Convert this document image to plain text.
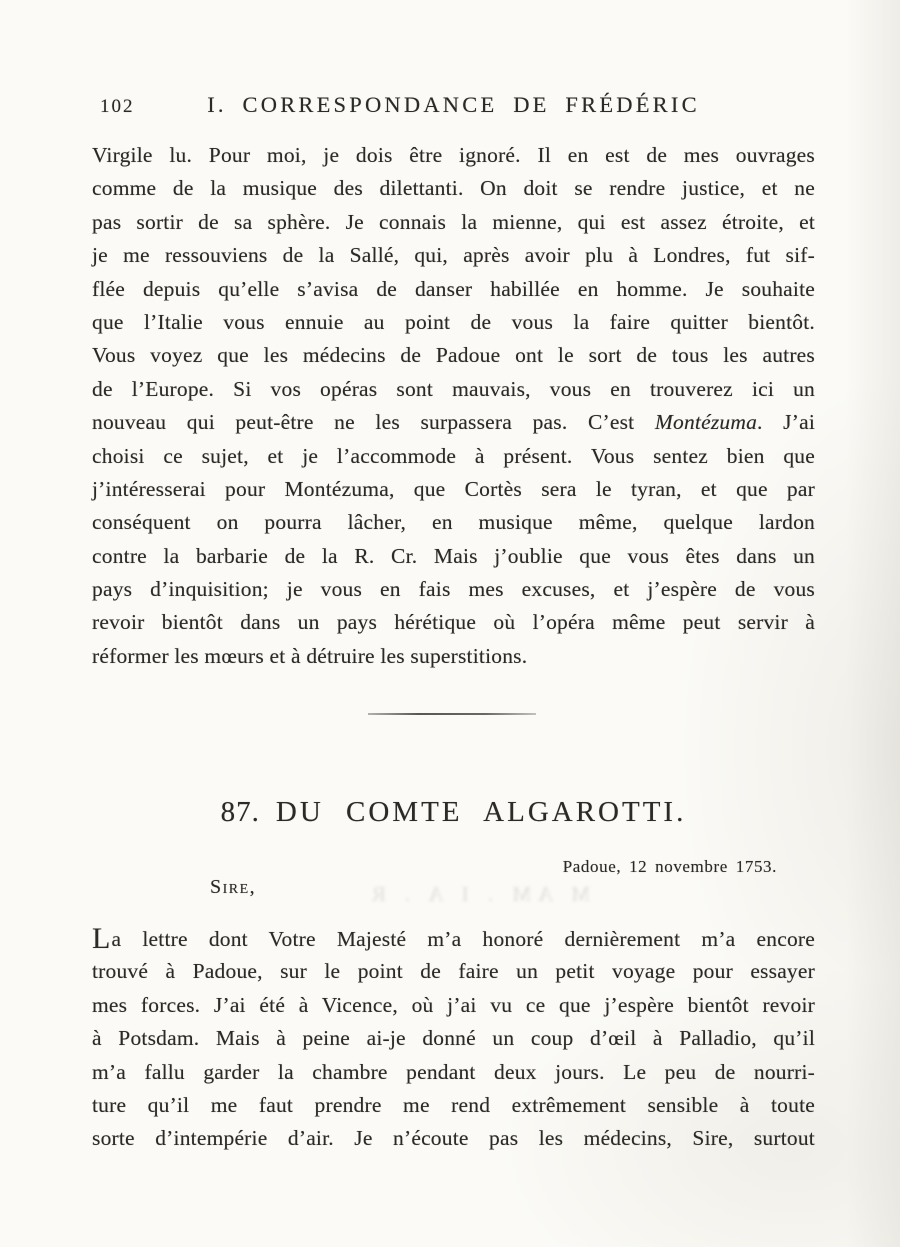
102	I. CORRESPONDANCE DE FRÉDÉRIC
Virgile lu. Pour moi, je dois être ignoré. Il en est de mes ouvrages
comme de la musique des dilettanti. On doit se rendre justice, et ne
pas sortir de sa sphère. Je connais la mienne, qui est assez étroite, et
je me ressouviens de la Sallé, qui, après avoir plu à Londres, fut sif-
flée depuis qu’elle s’avisa de danser habillée en homme. Je souhaite
que l’Italie vous ennuie au point de vous la faire quitter bientôt.
Vous voyez que les médecins de Padoue ont le sort de tous les autres
de l’Europe. Si vos opéras sont mauvais, vous en trouverez ici un
nouveau qui peut-être ne les surpassera pas. C’est Montézuma. J’ai
choisi ce sujet, et je l’accommode à présent. Vous sentez bien que
j’intéresserai pour Montézuma, que Cortès sera le tyran, et que par
conséquent on pourra lâcher, en musique même, quelque lardon
contre la barbarie de la R. Cr. Mais j’oublie que vous êtes dans un
pays d’inquisition; je vous en fais mes excuses, et j’espère de vous
revoir bientôt dans un pays hérétique où l’opéra même peut servir à
réformer les mœurs et à détruire les superstitions.
87. DU COMTE ALGAROTTI.
Padoue, 12 novembre 1753.
M AM . I A . R
Sire,
La lettre dont Votre Majesté m’a honoré dernièrement m’a encore
trouvé à Padoue, sur le point de faire un petit voyage pour essayer
mes forces. J’ai été à Vicence, où j’ai vu ce que j’espère bientôt revoir
à Potsdam. Mais à peine ai-je donné un coup d’œil à Palladio, qu’il
m’a fallu garder la chambre pendant deux jours. Le peu de nourri-
ture qu’il me faut prendre me rend extrêmement sensible à toute
sorte d’intempérie d’air. Je n’écoute pas les médecins, Sire, surtout
